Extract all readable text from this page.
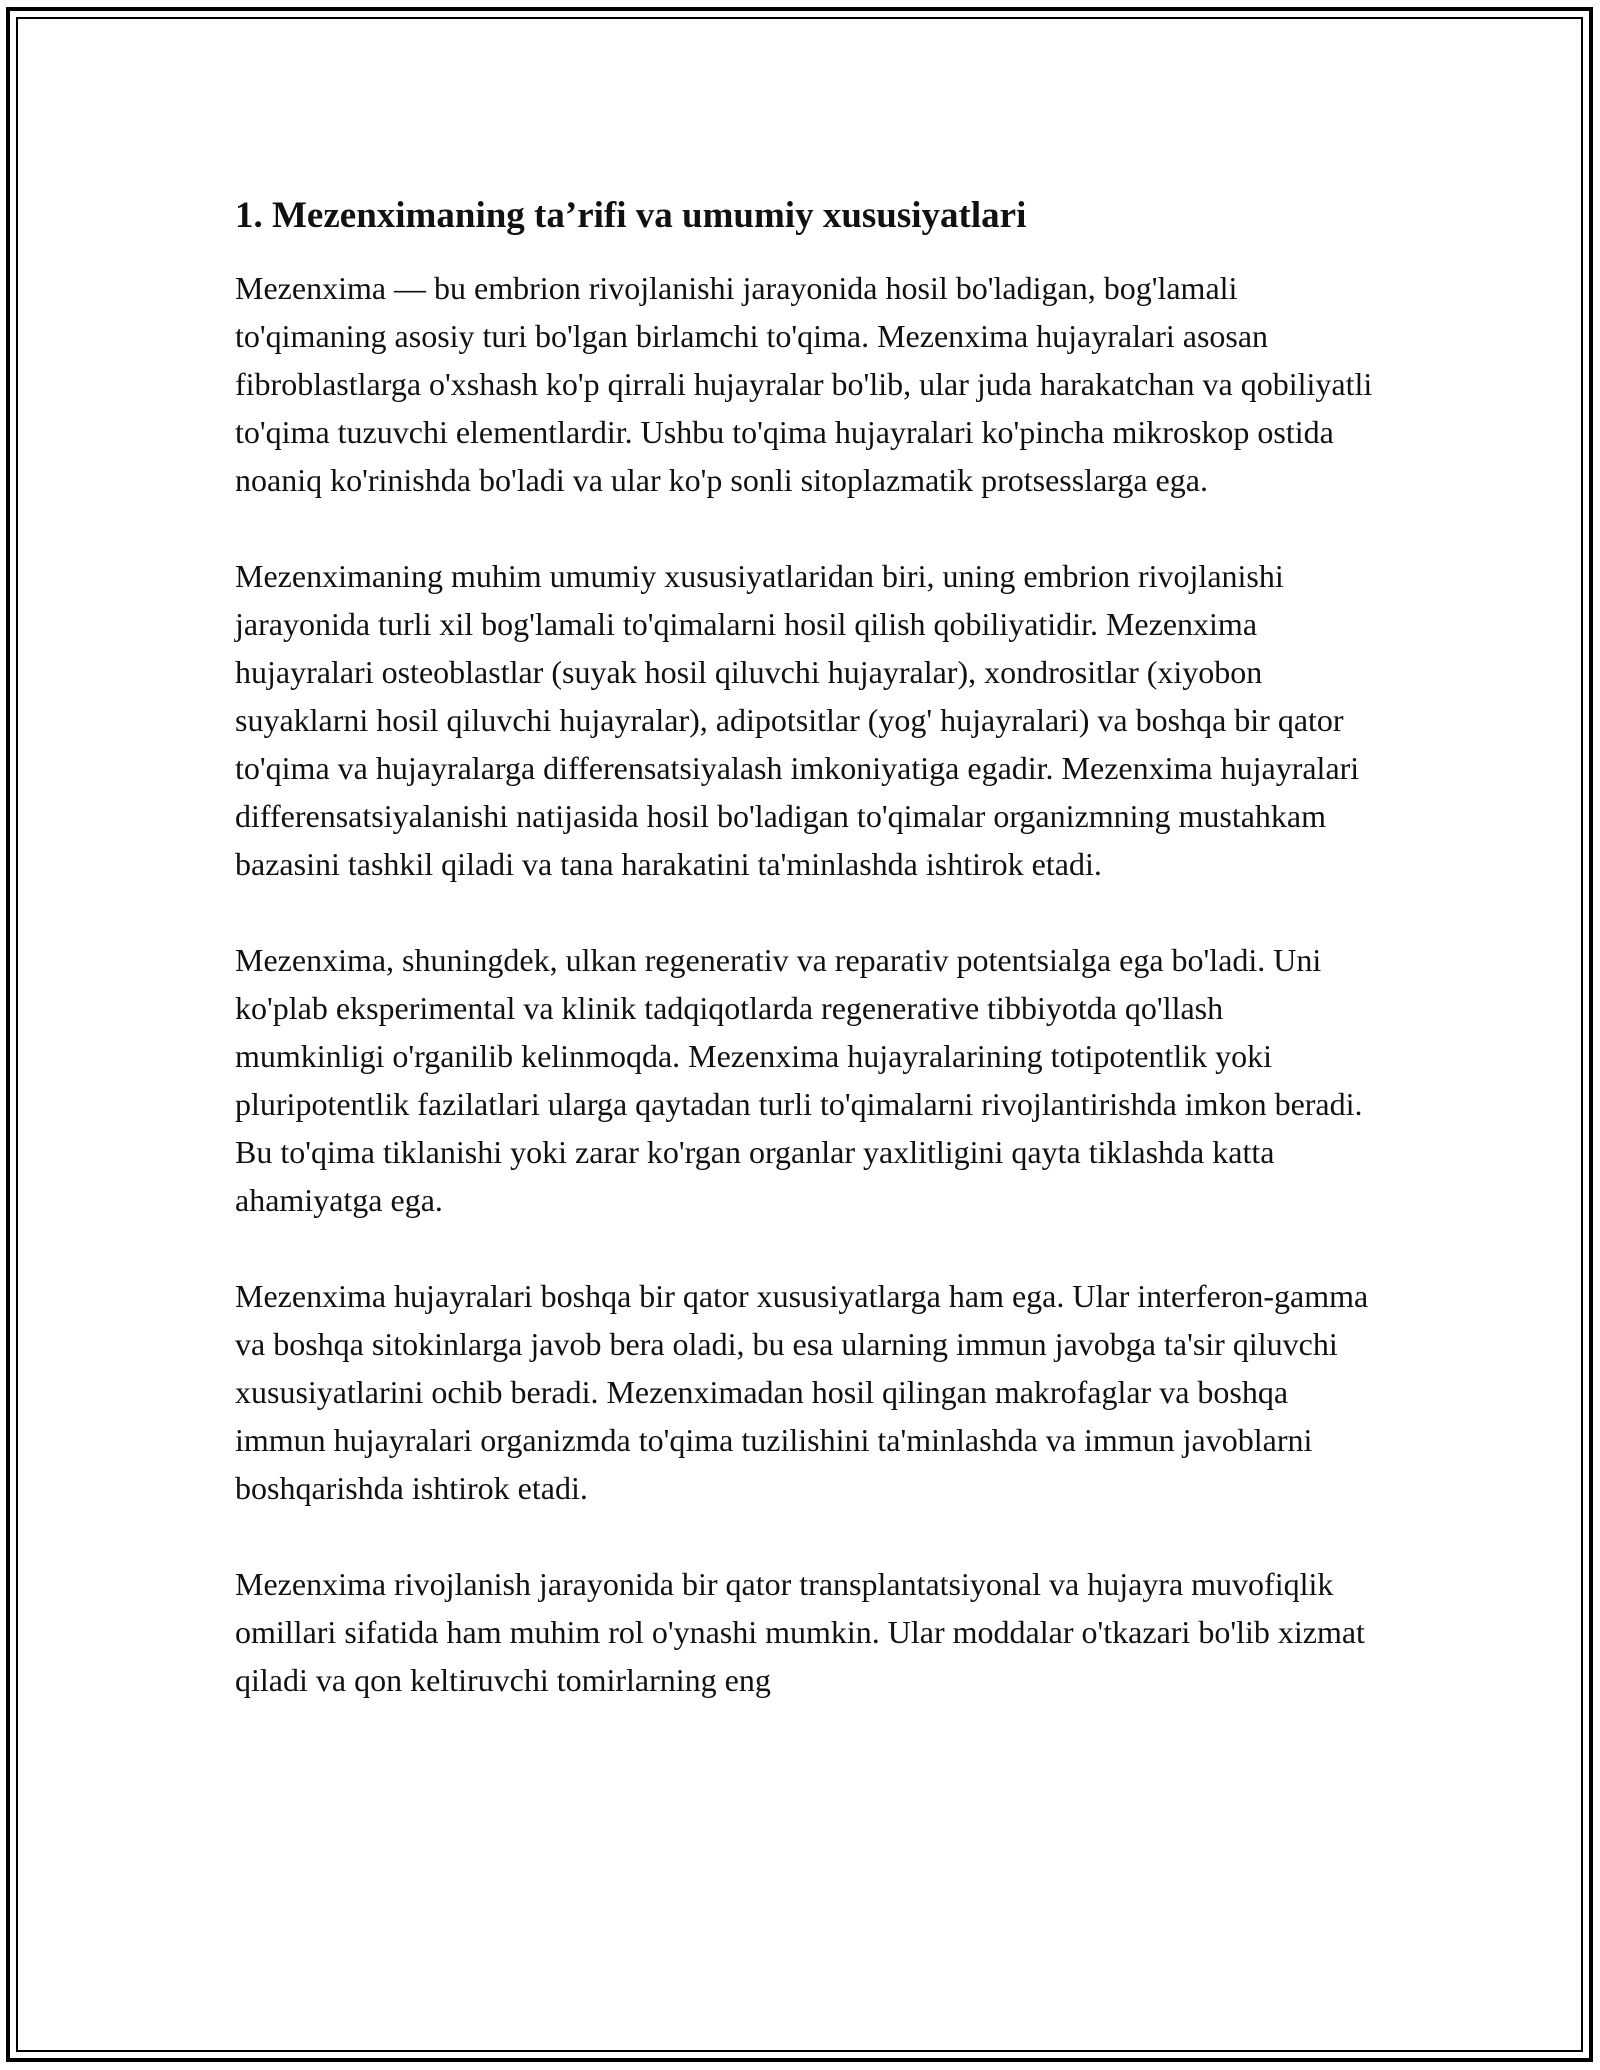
1. Mezenximaning ta’rifi va umumiy xususiyatlari

Mezenxima — bu embrion rivojlanishi jarayonida hosil bo'ladigan, bog'lamali to'qimaning asosiy turi bo'lgan birlamchi to'qima. Mezenxima hujayralari asosan fibroblastlarga o'xshash ko'p qirrali hujayralar bo'lib, ular juda harakatchan va qobiliyatli to'qima tuzuvchi elementlardir. Ushbu to'qima hujayralari ko'pincha mikroskop ostida noaniq ko'rinishda bo'ladi va ular ko'p sonli sitoplazmatik protsesslarga ega.

Mezenximaning muhim umumiy xususiyatlaridan biri, uning embrion rivojlanishi jarayonida turli xil bog'lamali to'qimalarni hosil qilish qobiliyatidir. Mezenxima hujayralari osteoblastlar (suyak hosil qiluvchi hujayralar), xondrositlar (xiyobon suyaklarni hosil qiluvchi hujayralar), adipotsitlar (yog' hujayralari) va boshqa bir qator to'qima va hujayralarga differensatsiyalash imkoniyatiga egadir. Mezenxima hujayralari differensatsiyalanishi natijasida hosil bo'ladigan to'qimalar organizmning mustahkam bazasini tashkil qiladi va tana harakatini ta'minlashda ishtirok etadi.

Mezenxima, shuningdek, ulkan regenerativ va reparativ potentsialga ega bo'ladi. Uni ko'plab eksperimental va klinik tadqiqotlarda regenerative tibbiyotda qo'llash mumkinligi o'rganilib kelinmoqda. Mezenxima hujayralarining totipotentlik yoki pluripotentlik fazilatlari ularga qaytadan turli to'qimalarni rivojlantirishda imkon beradi. Bu to'qima tiklanishi yoki zarar ko'rgan organlar yaxlitligini qayta tiklashda katta ahamiyatga ega.

Mezenxima hujayralari boshqa bir qator xususiyatlarga ham ega. Ular interferon-gamma va boshqa sitokinlarga javob bera oladi, bu esa ularning immun javobga ta'sir qiluvchi xususiyatlarini ochib beradi. Mezenximadan hosil qilingan makrofaglar va boshqa immun hujayralari organizmda to'qima tuzilishini ta'minlashda va immun javoblarni boshqarishda ishtirok etadi.

Mezenxima rivojlanish jarayonida bir qator transplantatsiyonal va hujayra muvofiqlik omillari sifatida ham muhim rol o'ynashi mumkin. Ular moddalar o'tkazari bo'lib xizmat qiladi va qon keltiruvchi tomirlarning eng
